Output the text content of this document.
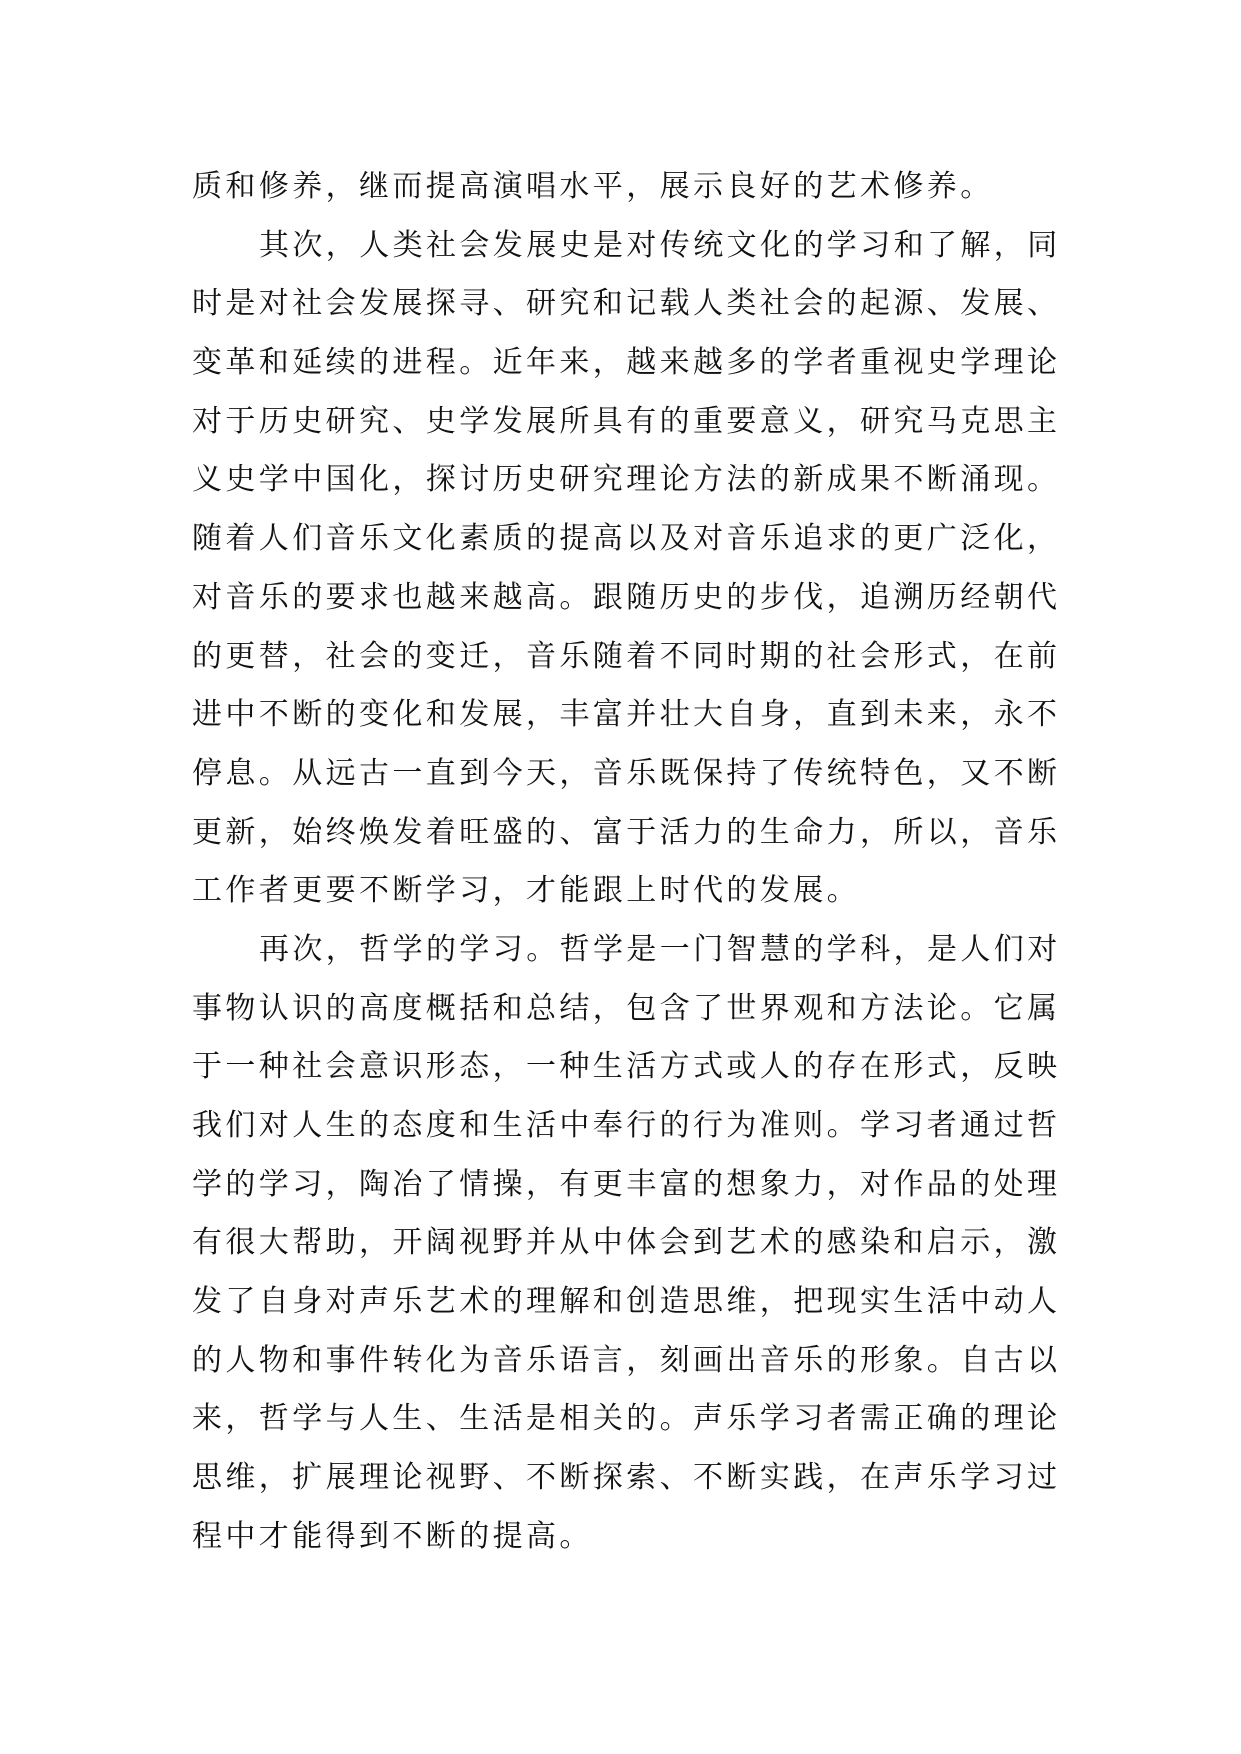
质和修养，继而提高演唱水平，展示良好的艺术修养。
其次，人类社会发展史是对传统文化的学习和了解，同
时是对社会发展探寻、研究和记载人类社会的起源、发展、
变革和延续的进程。近年来，越来越多的学者重视史学理论
对于历史研究、史学发展所具有的重要意义，研究马克思主
义史学中国化，探讨历史研究理论方法的新成果不断涌现。
随着人们音乐文化素质的提高以及对音乐追求的更广泛化，
对音乐的要求也越来越高。跟随历史的步伐，追溯历经朝代
的更替，社会的变迁，音乐随着不同时期的社会形式，在前
进中不断的变化和发展，丰富并壮大自身，直到未来，永不
停息。从远古一直到今天，音乐既保持了传统特色，又不断
更新，始终焕发着旺盛的、富于活力的生命力，所以，音乐
工作者更要不断学习，才能跟上时代的发展。
再次，哲学的学习。哲学是一门智慧的学科，是人们对
事物认识的高度概括和总结，包含了世界观和方法论。它属
于一种社会意识形态，一种生活方式或人的存在形式，反映
我们对人生的态度和生活中奉行的行为准则。学习者通过哲
学的学习，陶冶了情操，有更丰富的想象力，对作品的处理
有很大帮助，开阔视野并从中体会到艺术的感染和启示，激
发了自身对声乐艺术的理解和创造思维，把现实生活中动人
的人物和事件转化为音乐语言，刻画出音乐的形象。自古以
来，哲学与人生、生活是相关的。声乐学习者需正确的理论
思维，扩展理论视野、不断探索、不断实践，在声乐学习过
程中才能得到不断的提高。
